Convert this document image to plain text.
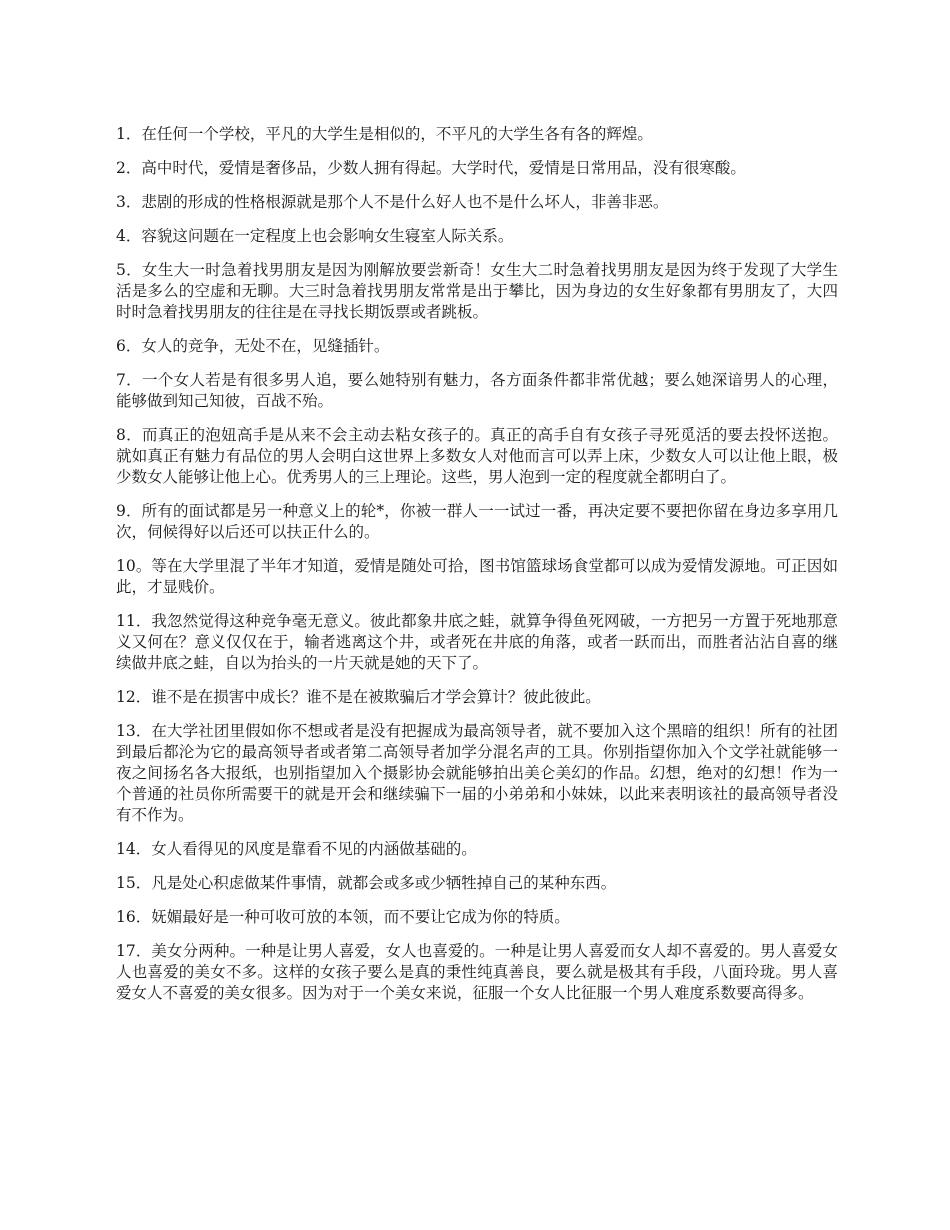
1．在任何一个学校，平凡的大学生是相似的，不平凡的大学生各有各的辉煌。

2．高中时代，爱情是奢侈品，少数人拥有得起。大学时代，爱情是日常用品，没有很寒酸。

3．悲剧的形成的性格根源就是那个人不是什么好人也不是什么坏人，非善非恶。

4．容貌这问题在一定程度上也会影响女生寝室人际关系。

5．女生大一时急着找男朋友是因为刚解放要尝新奇！女生大二时急着找男朋友是因为终于发现了大学生活是多么的空虚和无聊。大三时急着找男朋友常常是出于攀比，因为身边的女生好象都有男朋友了，大四时时急着找男朋友的往往是在寻找长期饭票或者跳板。

6．女人的竞争，无处不在，见缝插针。

7．一个女人若是有很多男人追，要么她特别有魅力，各方面条件都非常优越；要么她深谙男人的心理，能够做到知己知彼，百战不殆。

8．而真正的泡妞高手是从来不会主动去粘女孩子的。真正的高手自有女孩子寻死觅活的要去投怀送抱。就如真正有魅力有品位的男人会明白这世界上多数女人对他而言可以弄上床，少数女人可以让他上眼，极少数女人能够让他上心。优秀男人的三上理论。这些，男人泡到一定的程度就全都明白了。

9．所有的面试都是另一种意义上的轮*，你被一群人一一试过一番，再决定要不要把你留在身边多享用几次，伺候得好以后还可以扶正什么的。

10。等在大学里混了半年才知道，爱情是随处可拾，图书馆篮球场食堂都可以成为爱情发源地。可正因如此，才显贱价。

11．我忽然觉得这种竞争毫无意义。彼此都象井底之蛙，就算争得鱼死网破，一方把另一方置于死地那意义又何在？意义仅仅在于，输者逃离这个井，或者死在井底的角落，或者一跃而出，而胜者沾沾自喜的继续做井底之蛙，自以为抬头的一片天就是她的天下了。

12．谁不是在损害中成长？谁不是在被欺骗后才学会算计？彼此彼此。

13．在大学社团里假如你不想或者是没有把握成为最高领导者，就不要加入这个黑暗的组织！所有的社团到最后都沦为它的最高领导者或者第二高领导者加学分混名声的工具。你别指望你加入个文学社就能够一夜之间扬名各大报纸，也别指望加入个摄影协会就能够拍出美仑美幻的作品。幻想，绝对的幻想！作为一个普通的社员你所需要干的就是开会和继续骗下一届的小弟弟和小妹妹，以此来表明该社的最高领导者没有不作为。

14．女人看得见的风度是靠看不见的内涵做基础的。

15．凡是处心积虑做某件事情，就都会或多或少牺牲掉自己的某种东西。

16．妩媚最好是一种可收可放的本领，而不要让它成为你的特质。

17．美女分两种。一种是让男人喜爱，女人也喜爱的。一种是让男人喜爱而女人却不喜爱的。男人喜爱女人也喜爱的美女不多。这样的女孩子要么是真的秉性纯真善良，要么就是极其有手段，八面玲珑。男人喜爱女人不喜爱的美女很多。因为对于一个美女来说，征服一个女人比征服一个男人难度系数要高得多。
